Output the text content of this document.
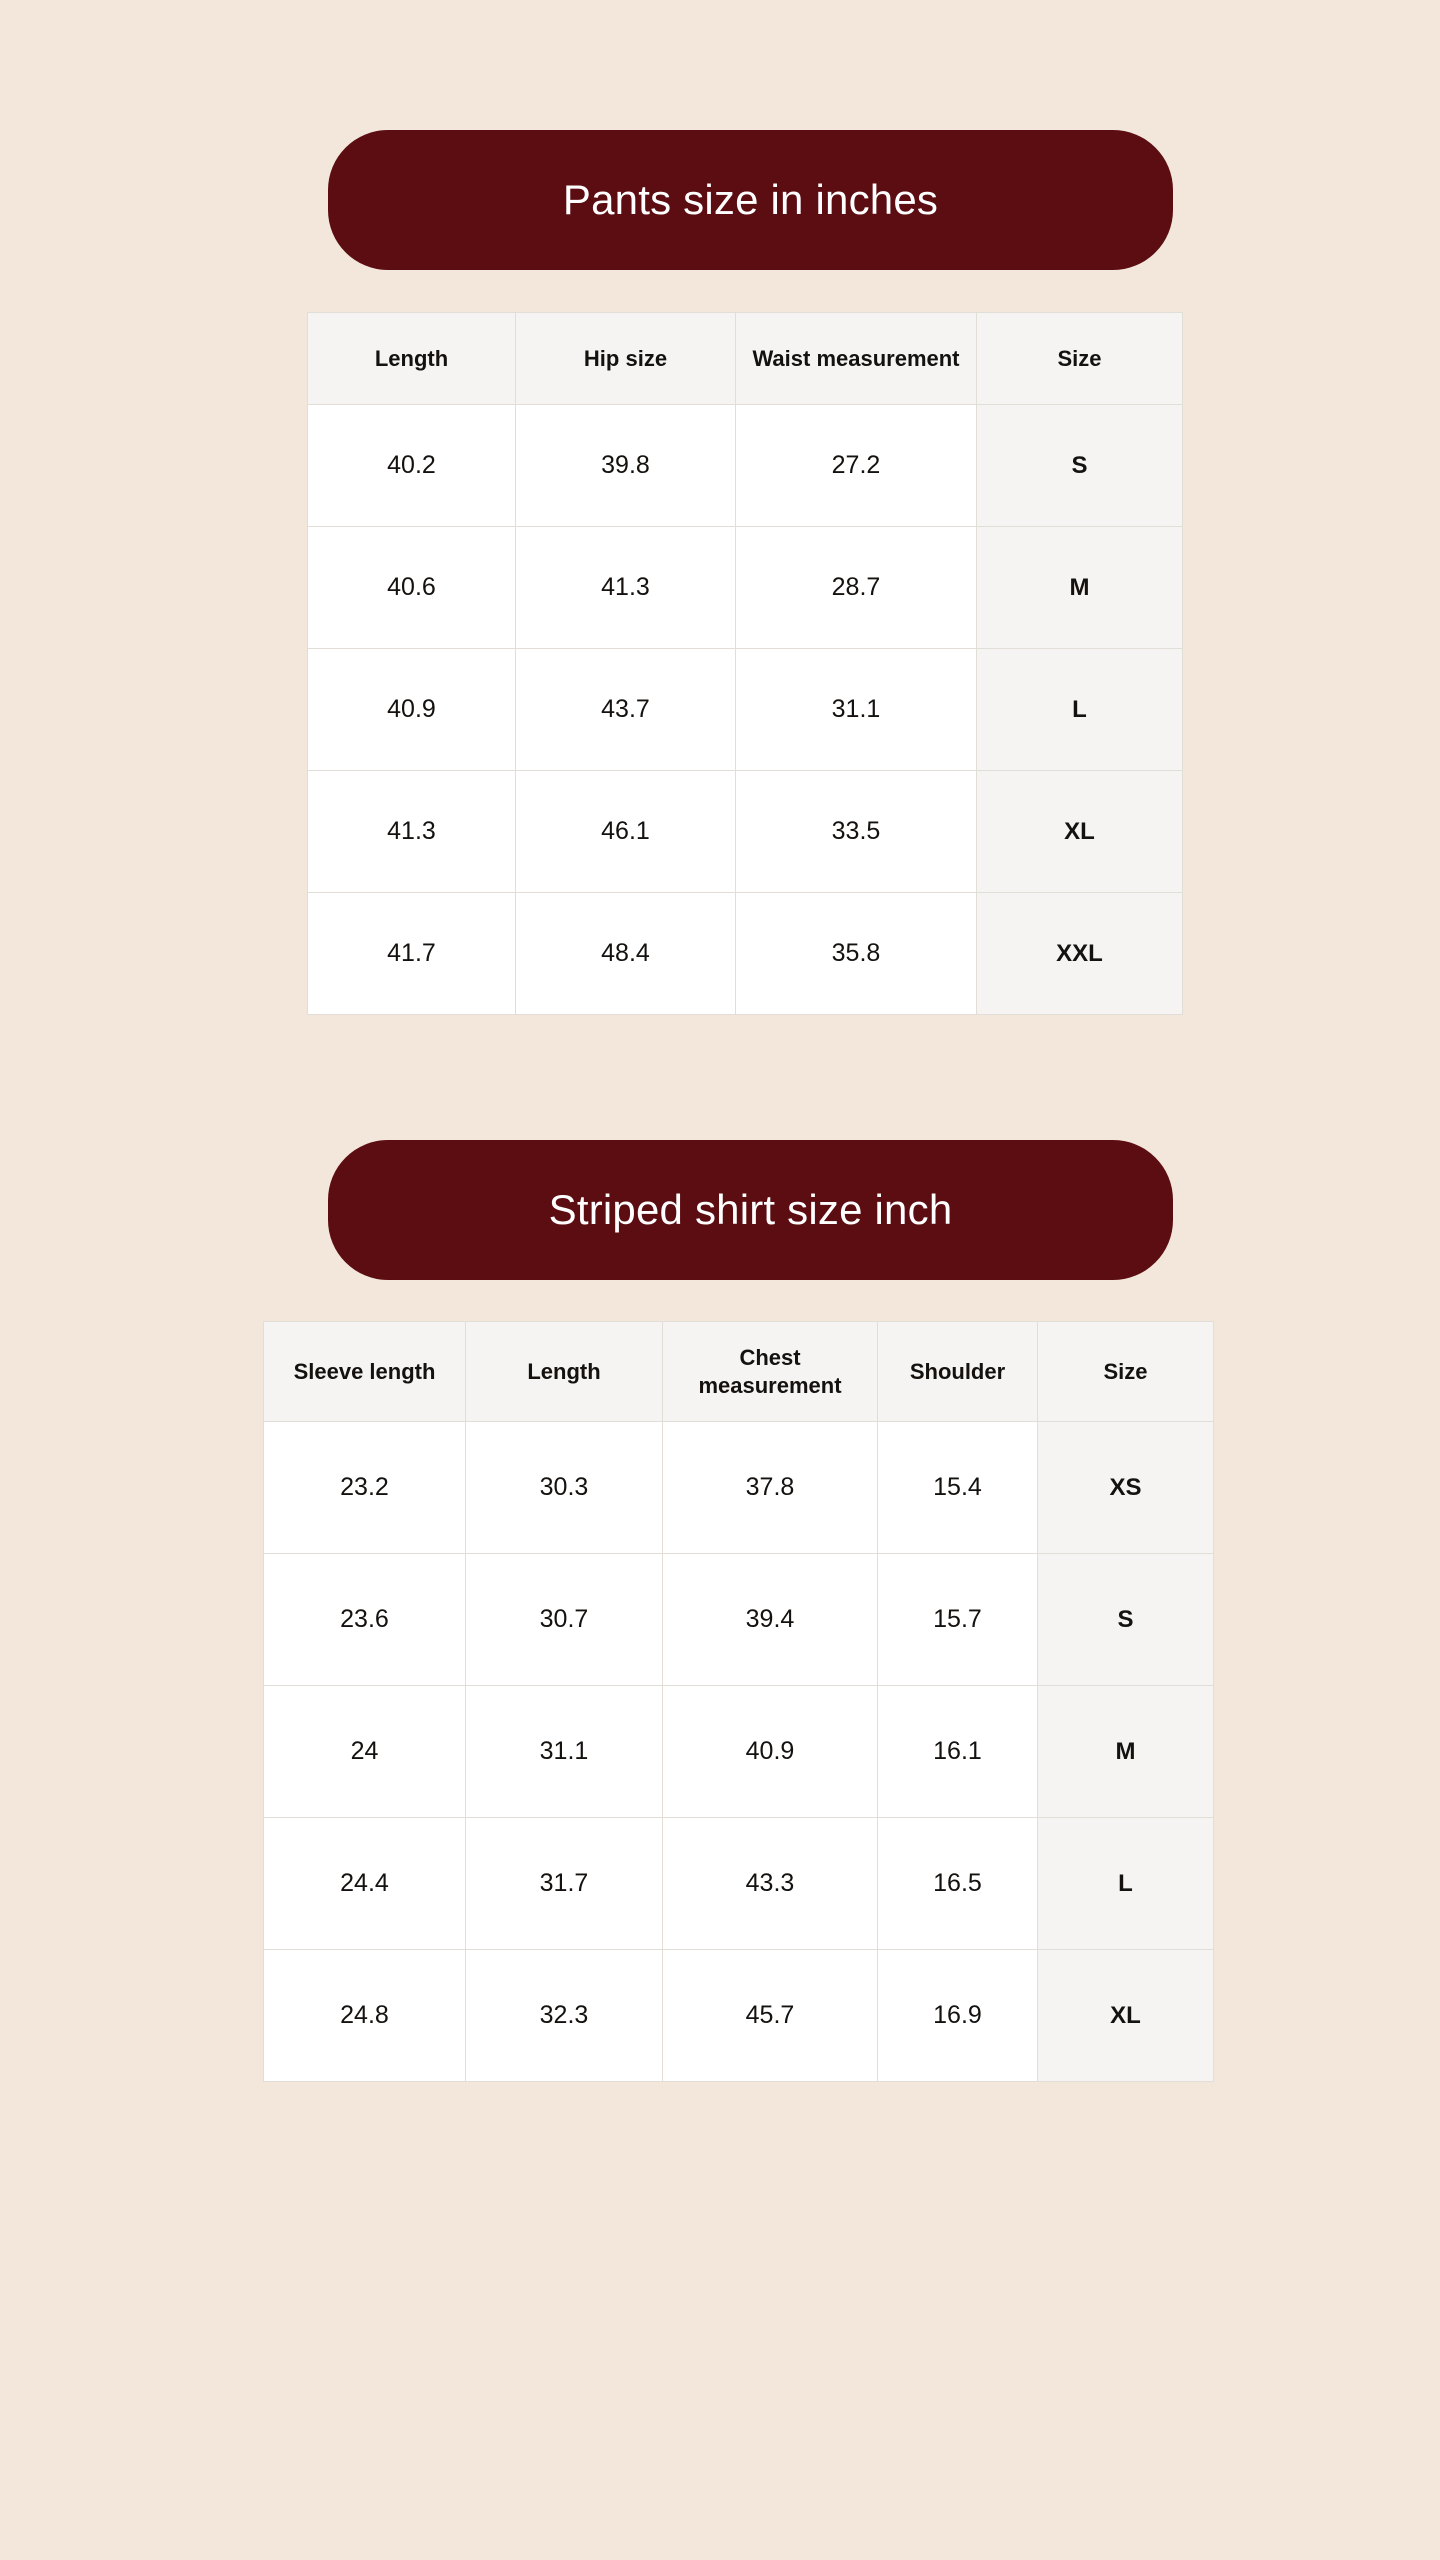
Pants size in inches
Length	Hip size	Waist measurement	Size
40.2	39.8	27.2	S
40.6	41.3	28.7	M
40.9	43.7	31.1	L
41.3	46.1	33.5	XL
41.7	48.4	35.8	XXL
Striped shirt size inch
Sleeve length	Length	Chest measurement	Shoulder	Size
23.2	30.3	37.8	15.4	XS
23.6	30.7	39.4	15.7	S
24	31.1	40.9	16.1	M
24.4	31.7	43.3	16.5	L
24.8	32.3	45.7	16.9	XL
